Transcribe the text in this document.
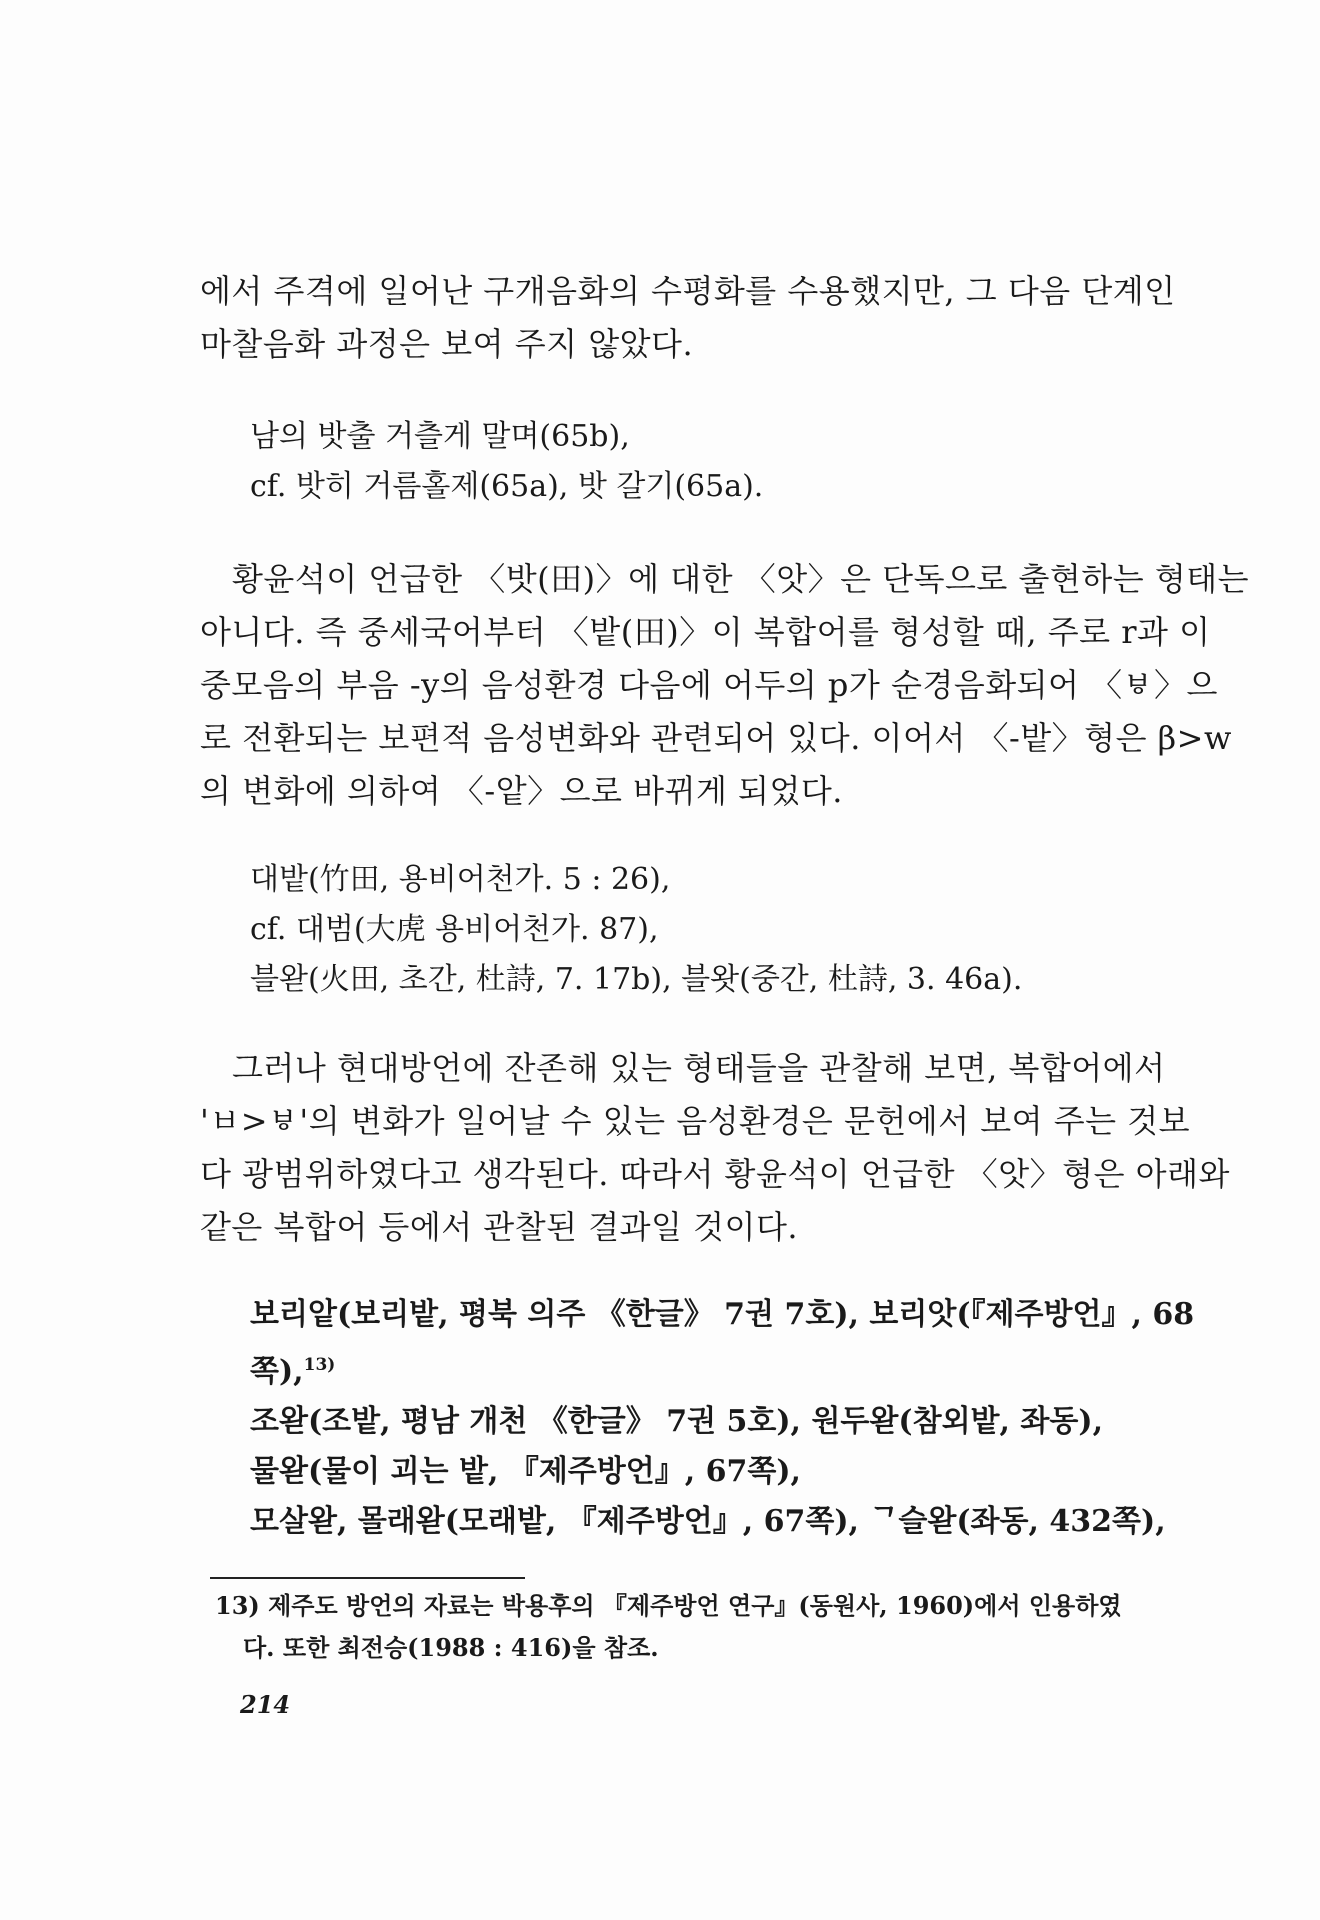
에서 주격에 일어난 구개음화의 수평화를 수용했지만, 그 다음 단계인
마찰음화 과정은 보여 주지 않았다.

남의 밧출 거츨게 말며(65b),
cf. 밧히 거름홀제(65a), 밧 갈기(65a).

황윤석이 언급한 〈밧(田)〉에 대한 〈앗〉은 단독으로 출현하는 형태는
아니다. 즉 중세국어부터 〈밭(田)〉이 복합어를 형성할 때, 주로 r과 이
중모음의 부음 -y의 음성환경 다음에 어두의 p가 순경음화되어 〈ㅸ〉으
로 전환되는 보편적 음성변화와 관련되어 있다. 이어서 〈-밭〉형은 β>w
의 변화에 의하여 〈-앝〉으로 바뀌게 되었다.

대밭(竹田, 용비어천가. 5 : 26),
cf. 대범(大虎 용비어천가. 87),
블왇(火田, 초간, 杜詩, 7. 17b), 블왓(중간, 杜詩, 3. 46a).

그러나 현대방언에 잔존해 있는 형태들을 관찰해 보면, 복합어에서
'ㅂ>ㅸ'의 변화가 일어날 수 있는 음성환경은 문헌에서 보여 주는 것보
다 광범위하였다고 생각된다. 따라서 황윤석이 언급한 〈앗〉형은 아래와
같은 복합어 등에서 관찰된 결과일 것이다.

보리앝(보리밭, 평북 의주 《한글》 7권 7호), 보리앗(『제주방언』, 68
쪽),$^{13)}$
조왇(조밭, 평남 개천 《한글》 7권 5호), 원두왇(참외밭, 좌동),
물왇(물이 괴는 밭, 『제주방언』, 67쪽),
모살왇, 몰래왇(모래밭, 『제주방언』, 67쪽), ᄀ슬왇(좌동, 432쪽),
13) 제주도 방언의 자료는 박용후의 『제주방언 연구』(동원사, 1960)에서 인용하였
다. 또한 최전승(1988 : 416)을 참조.
214
